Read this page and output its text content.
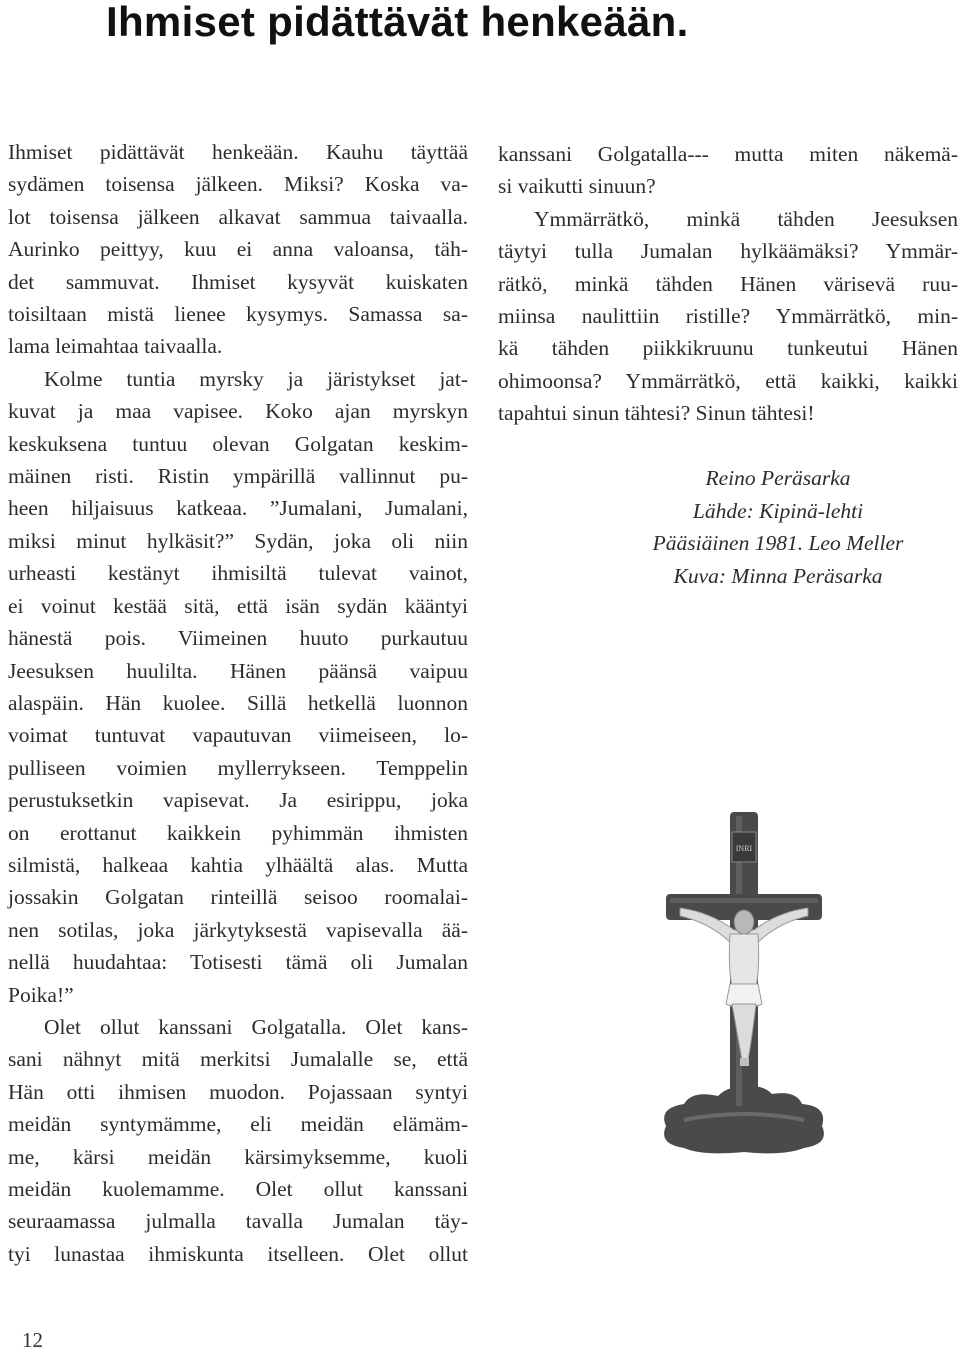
Ihmiset pidättävät henkeään.
Ihmiset pidättävät henkeään. Kauhu täyttää
sydämen toisensa jälkeen. Miksi? Koska va-
lot toisensa jälkeen alkavat sammua taivaalla.
Aurinko peittyy, kuu ei anna valoansa, täh-
det sammuvat. Ihmiset kysyvät kuiskaten
toisiltaan mistä lienee kysymys. Samassa sa-
lama leimahtaa taivaalla.
Kolme tuntia myrsky ja järistykset jat-
kuvat ja maa vapisee. Koko ajan myrskyn
keskuksena tuntuu olevan Golgatan keskim-
mäinen risti. Ristin ympärillä vallinnut pu-
heen hiljaisuus katkeaa. ”Jumalani, Jumalani,
miksi minut hylkäsit?” Sydän, joka oli niin
urheasti kestänyt ihmisiltä tulevat vainot,
ei voinut kestää sitä, että isän sydän kääntyi
hänestä pois. Viimeinen huuto purkautuu
Jeesuksen huulilta. Hänen päänsä vaipuu
alaspäin. Hän kuolee. Sillä hetkellä luonnon
voimat tuntuvat vapautuvan viimeiseen, lo-
pulliseen voimien myllerrykseen. Temppelin
perustuksetkin vapisevat. Ja esirippu, joka
on erottanut kaikkein pyhimmän ihmisten
silmistä, halkeaa kahtia ylhäältä alas. Mutta
jossakin Golgatan rinteillä seisoo roomalai-
nen sotilas, joka järkytyksestä vapisevalla ää-
nellä huudahtaa: Totisesti tämä oli Jumalan
Poika!”
Olet ollut kanssani Golgatalla. Olet kans-
sani nähnyt mitä merkitsi Jumalalle se, että
Hän otti ihmisen muodon. Pojassaan syntyi
meidän syntymämme, eli meidän elämäm-
me, kärsi meidän kärsimyksemme, kuoli
meidän kuolemamme. Olet ollut kanssani
seuraamassa julmalla tavalla Jumalan täy-
tyi lunastaa ihmiskunta itselleen. Olet ollut
kanssani Golgatalla--- mutta miten näkemä-
si vaikutti sinuun?
Ymmärrätkö, minkä tähden Jeesuksen
täytyi tulla Jumalan hylkäämäksi? Ymmär-
rätkö, minkä tähden Hänen värisevä ruu-
miinsa naulittiin ristille? Ymmärrätkö, min-
kä tähden piikkikruunu tunkeutui Hänen
ohimoonsa? Ymmärrätkö, että kaikki, kaikki
tapahtui sinun tähtesi? Sinun tähtesi!
Reino Peräsarka
Lähde: Kipinä-lehti
Pääsiäinen 1981. Leo Meller
Kuva: Minna Peräsarka
INRI
12
